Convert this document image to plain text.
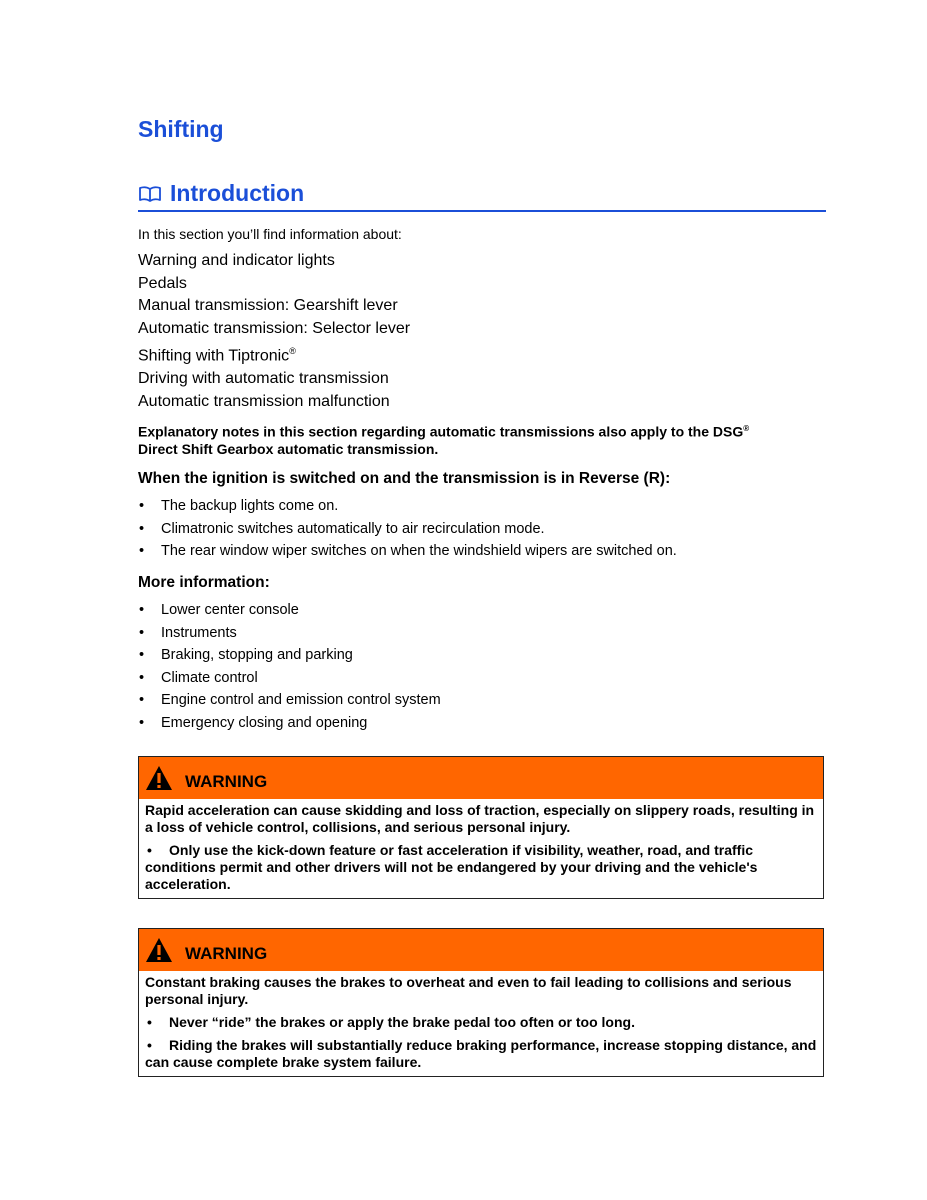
Shifting
Introduction
In this section you’ll find information about:
Warning and indicator lights
Pedals
Manual transmission: Gearshift lever
Automatic transmission: Selector lever
Shifting with Tiptronic®
Driving with automatic transmission
Automatic transmission malfunction
Explanatory notes in this section regarding automatic transmissions also apply to the DSG®
Direct Shift Gearbox automatic transmission.
When the ignition is switched on and the transmission is in Reverse (R):
• The backup lights come on.
• Climatronic switches automatically to air recirculation mode.
• The rear window wiper switches on when the windshield wipers are switched on.
More information:
• Lower center console
• Instruments
• Braking, stopping and parking
• Climate control
• Engine control and emission control system
• Emergency closing and opening
WARNING

Rapid acceleration can cause skidding and loss of traction, especially on slippery roads, resulting in a loss of vehicle control, collisions, and serious personal injury.

• Only use the kick-down feature or fast acceleration if visibility, weather, road, and traffic conditions permit and other drivers will not be endangered by your driving and the vehicle's acceleration.

WARNING

Constant braking causes the brakes to overheat and even to fail leading to collisions and serious personal injury.

• Never “ride” the brakes or apply the brake pedal too often or too long.

• Riding the brakes will substantially reduce braking performance, increase stopping distance, and can cause complete brake system failure.
